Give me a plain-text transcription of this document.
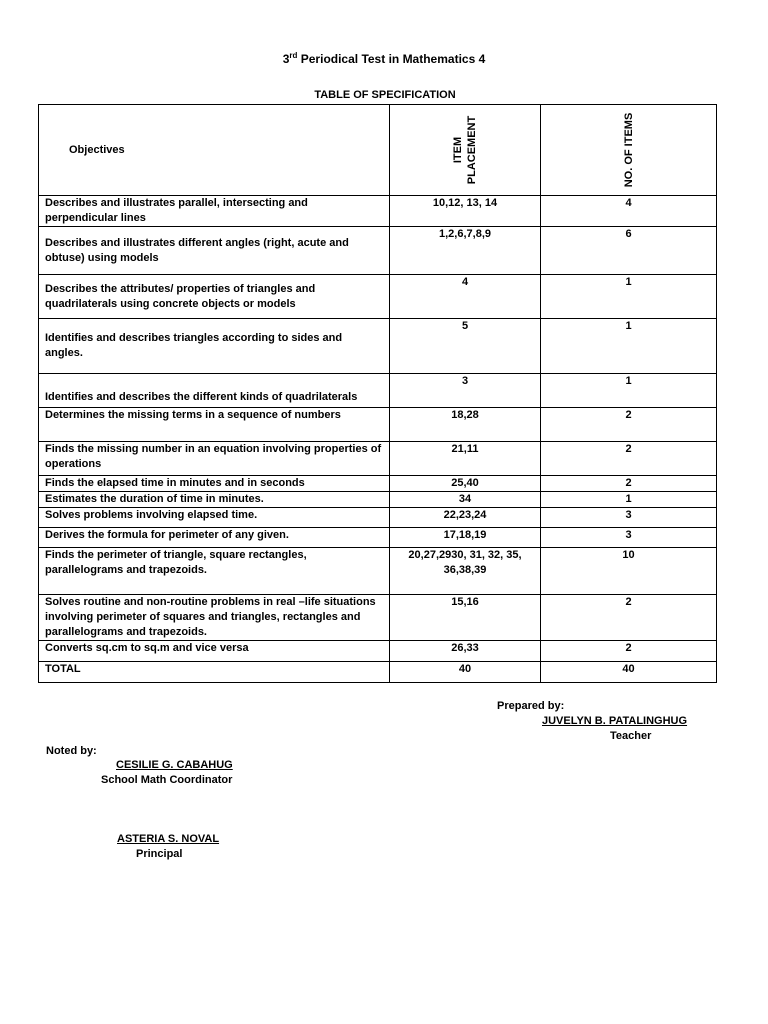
3rd Periodical Test in Mathematics 4
TABLE OF SPECIFICATION
Objectives	ITEM PLACEMENT	NO. OF ITEMS

Describes and illustrates parallel, intersecting and perpendicular lines	10,12, 13, 14	4
Describes and illustrates different angles (right, acute and obtuse) using models	1,2,6,7,8,9	6
Describes the attributes/ properties of triangles and quadrilaterals using concrete objects or models	4	1
Identifies and describes triangles according to sides and angles.	5	1
Identifies and describes the different kinds of quadrilaterals	3	1
Determines the missing terms in a sequence of numbers	18,28	2
Finds the missing number in an equation involving properties of operations	21,11	2
Finds the elapsed time in minutes and in seconds	25,40	2
Estimates the duration of time in minutes.	34	1
Solves problems involving elapsed time.	22,23,24	3
Derives the formula for perimeter of any given.	17,18,19	3
Finds the perimeter of triangle, square rectangles, parallelograms and trapezoids.	20,27,2930, 31, 32, 35, 36,38,39	10
Solves routine and non-routine problems in real –life situations involving perimeter of squares and triangles, rectangles and parallelograms and trapezoids.	15,16	2
Converts sq.cm to sq.m and vice versa	26,33	2
TOTAL	40	40
Prepared by:
JUVELYN B. PATALINGHUG
Teacher
Noted by:
CESILIE G. CABAHUG
School Math Coordinator
ASTERIA S. NOVAL
Principal
